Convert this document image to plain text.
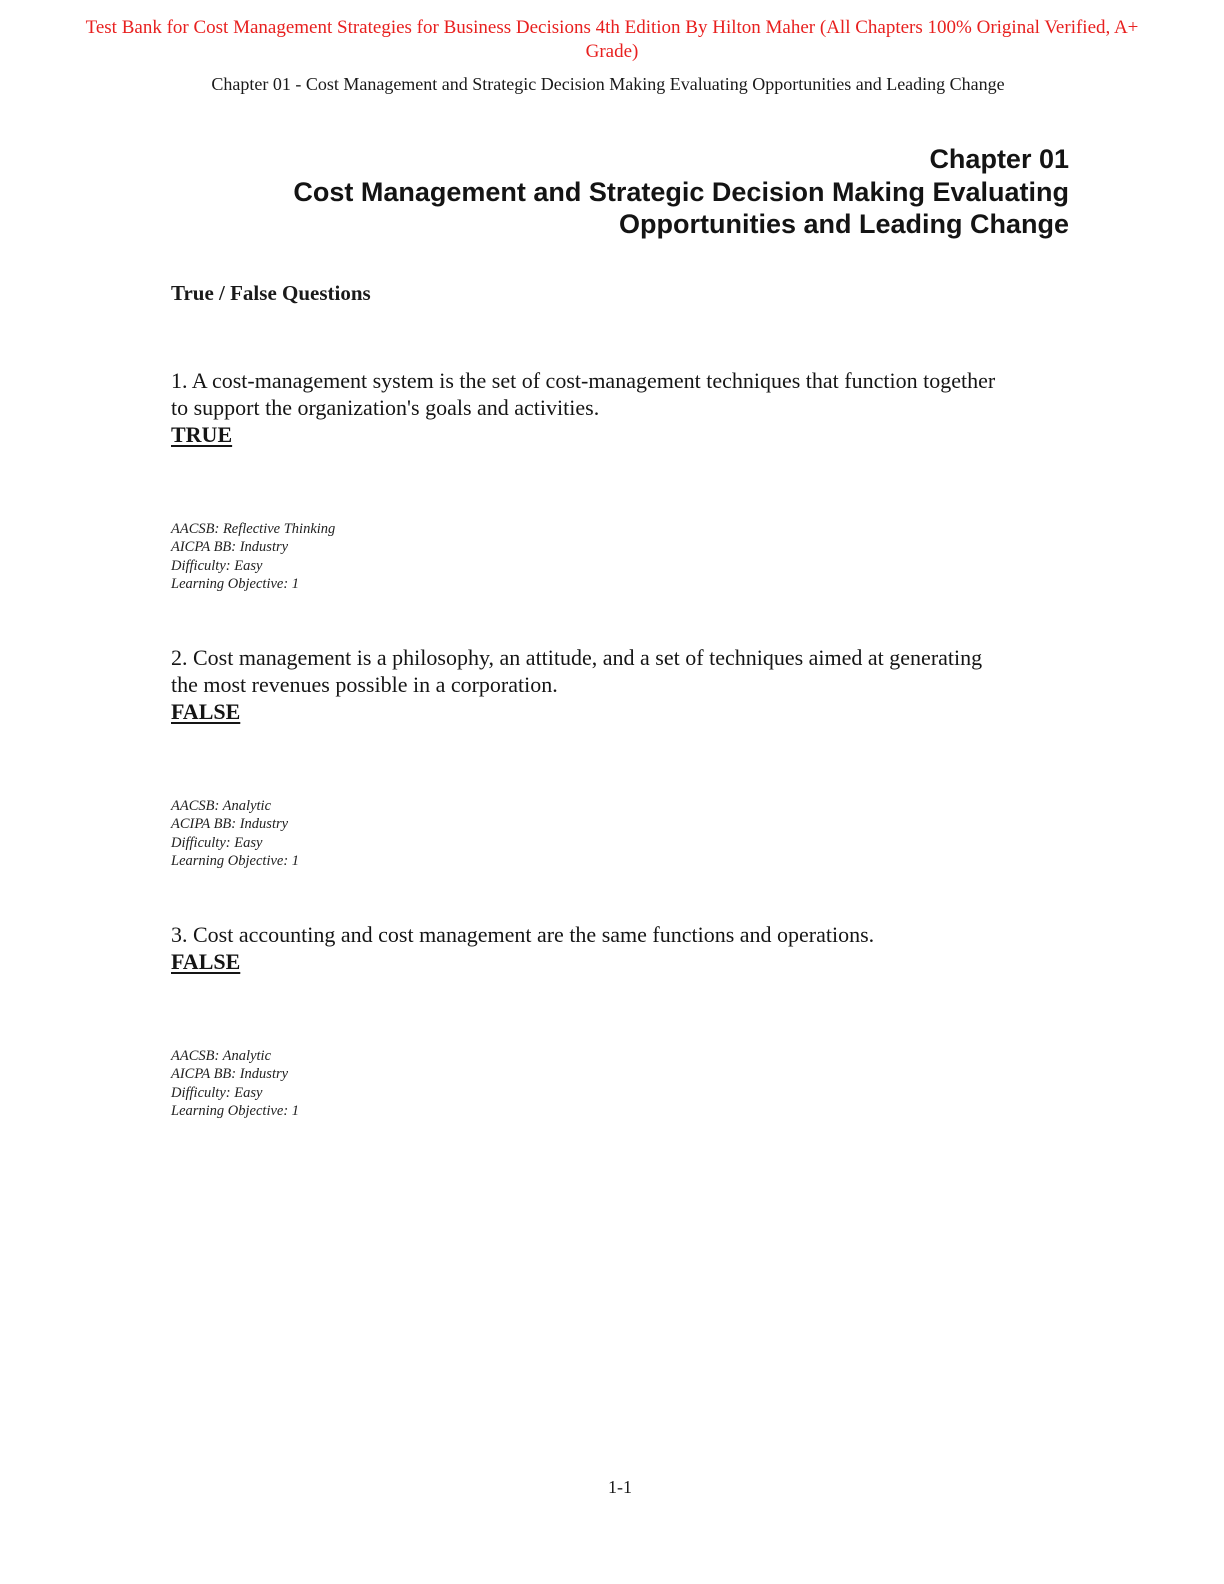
Test Bank for Cost Management Strategies for Business Decisions 4th Edition By Hilton Maher (All Chapters 100% Original Verified, A+
Grade)
Chapter 01 - Cost Management and Strategic Decision Making Evaluating Opportunities and Leading Change
Chapter 01
Cost Management and Strategic Decision Making Evaluating
Opportunities and Leading Change
True / False Questions
1. A cost-management system is the set of cost-management techniques that function together
to support the organization's goals and activities.
TRUE
AACSB: Reflective Thinking
AICPA BB: Industry
Difficulty: Easy
Learning Objective: 1
2. Cost management is a philosophy, an attitude, and a set of techniques aimed at generating
the most revenues possible in a corporation.
FALSE
AACSB: Analytic
ACIPA BB: Industry
Difficulty: Easy
Learning Objective: 1
3. Cost accounting and cost management are the same functions and operations.
FALSE
AACSB: Analytic
AICPA BB: Industry
Difficulty: Easy
Learning Objective: 1
1-1
